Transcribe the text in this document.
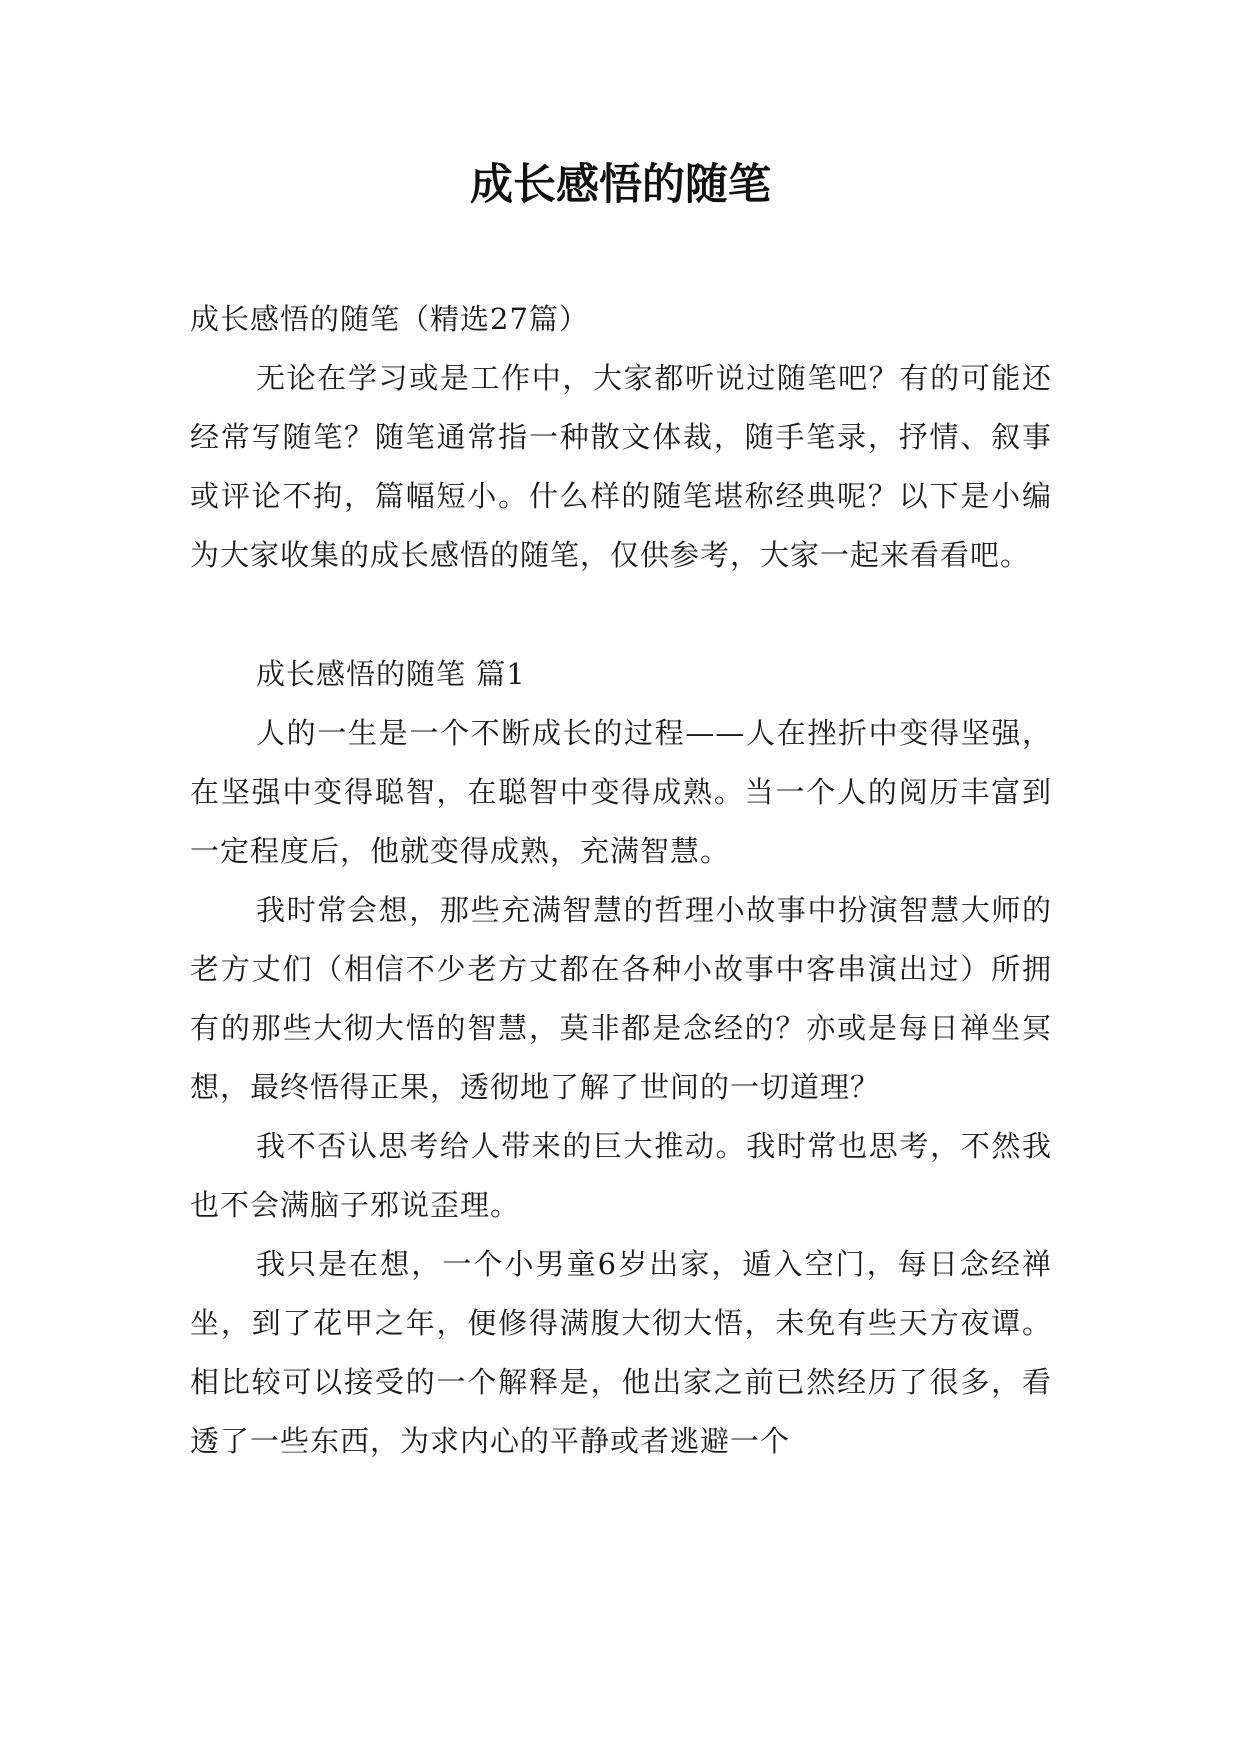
成长感悟的随笔

成长感悟的随笔（精选27篇）

无论在学习或是工作中，大家都听说过随笔吧？有的可能还经常写随笔？随笔通常指一种散文体裁，随手笔录，抒情、叙事或评论不拘，篇幅短小。什么样的随笔堪称经典呢？以下是小编为大家收集的成长感悟的随笔，仅供参考，大家一起来看看吧。

成长感悟的随笔 篇1

人的一生是一个不断成长的过程——人在挫折中变得坚强，在坚强中变得聪智，在聪智中变得成熟。当一个人的阅历丰富到一定程度后，他就变得成熟，充满智慧。

我时常会想，那些充满智慧的哲理小故事中扮演智慧大师的老方丈们（相信不少老方丈都在各种小故事中客串演出过）所拥有的那些大彻大悟的智慧，莫非都是念经的？亦或是每日禅坐冥想，最终悟得正果，透彻地了解了世间的一切道理？

我不否认思考给人带来的巨大推动。我时常也思考，不然我也不会满脑子邪说歪理。

我只是在想，一个小男童6岁出家，遁入空门，每日念经禅坐，到了花甲之年，便修得满腹大彻大悟，未免有些天方夜谭。相比较可以接受的一个解释是，他出家之前已然经历了很多，看透了一些东西，为求内心的平静或者逃避一个
